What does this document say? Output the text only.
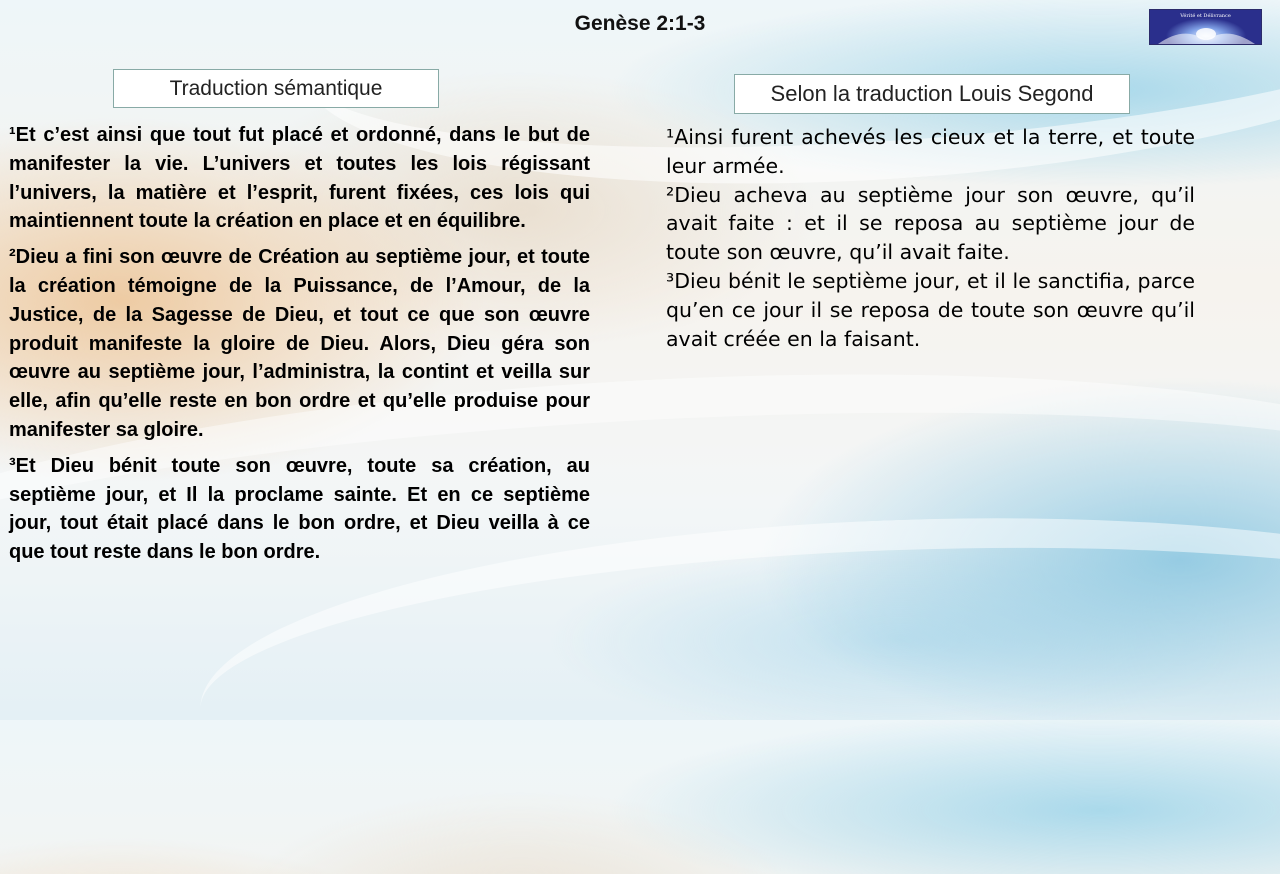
Genèse 2:1-3	Vérité et Délivrance
Traduction sémantique	Selon la traduction Louis Segond

¹Et c’est ainsi que tout fut placé et ordonné, dans le but de manifester la vie. L’univers et toutes les lois régissant l’univers, la matière et l’esprit, furent fixées, ces lois qui maintiennent toute la création en place et en équilibre.

²Dieu a fini son œuvre de Création au septième jour, et toute la création témoigne de la Puissance, de l’Amour, de la Justice, de la Sagesse de Dieu, et tout ce que son œuvre produit manifeste la gloire de Dieu. Alors, Dieu géra son œuvre au septième jour, l’administra, la contint et veilla sur elle, afin qu’elle reste en bon ordre et qu’elle produise pour manifester sa gloire.

³Et Dieu bénit toute son œuvre, toute sa création, au septième jour, et Il la proclame sainte. Et en ce septième jour, tout était placé dans le bon ordre, et Dieu veilla à ce que tout reste dans le bon ordre.

¹Ainsi furent achevés les cieux et la terre, et toute leur armée.

²Dieu acheva au septième jour son œuvre, qu’il avait faite : et il se reposa au septième jour de toute son œuvre, qu’il avait faite.

³Dieu bénit le septième jour, et il le sanctifia, parce qu’en ce jour il se reposa de toute son œuvre qu’il avait créée en la faisant.
